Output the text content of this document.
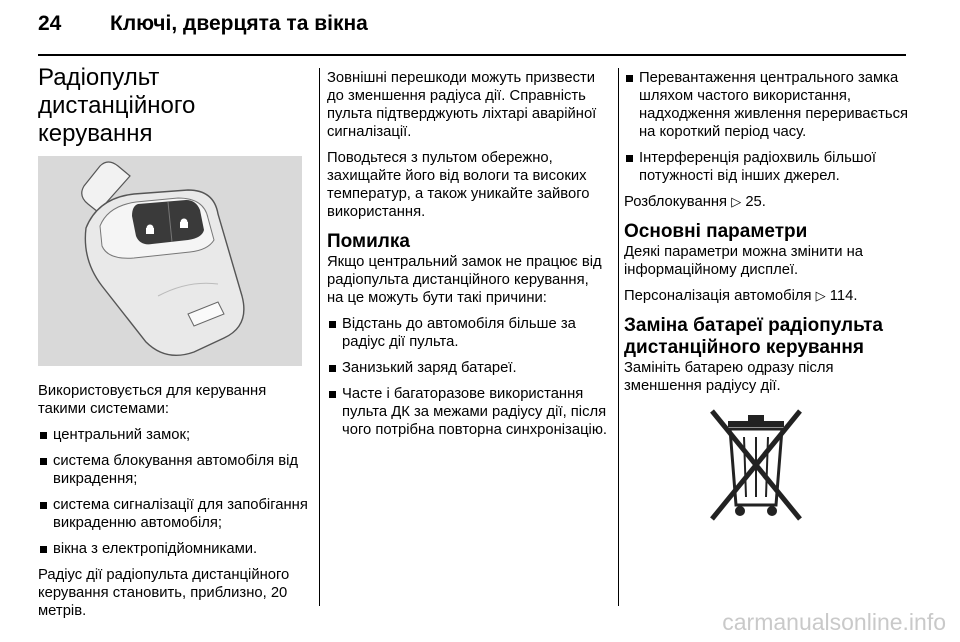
24 Ключі, дверцята та вікна
Радіопульт
дистанційного керування

Використовується для керування такими системами:

центральний замок;
система блокування автомобіля від викрадення;
система сигналізації для запобігання викраденню автомобіля;
вікна з електропідйомниками.

Радіус дії радіопульта дистанційного керування становить, приблизно, 20 метрів.

Зовнішні перешкоди можуть призвести до зменшення радіуса дії. Справність пульта підтверджують ліхтарі аварійної сигналізації.

Поводьтеся з пультом обережно, захищайте його від вологи та високих температур, а також уникайте зайвого використання.

Помилка

Якщо центральний замок не працює від радіопульта дистанційного керування, на це можуть бути такі причини:

Відстань до автомобіля більше за радіус дії пульта.
Занизький заряд батареї.
Часте і багаторазове використання пульта ДК за межами радіусу дії, після чого потрібна повторна синхронізацію.
Перевантаження центрального замка шляхом частого використання, надходження живлення переривається на короткий період часу.
Інтерференція радіохвиль більшої потужності від інших джерел.

Розблокування ▷ 25.

Основні параметри

Деякі параметри можна змінити на інформаційному дисплеї.

Персоналізація автомобіля ▷ 114.

Заміна батареї радіопульта дистанційного керування

Замініть батарею одразу після зменшення радіусу дії.

carmanualsonline.info
